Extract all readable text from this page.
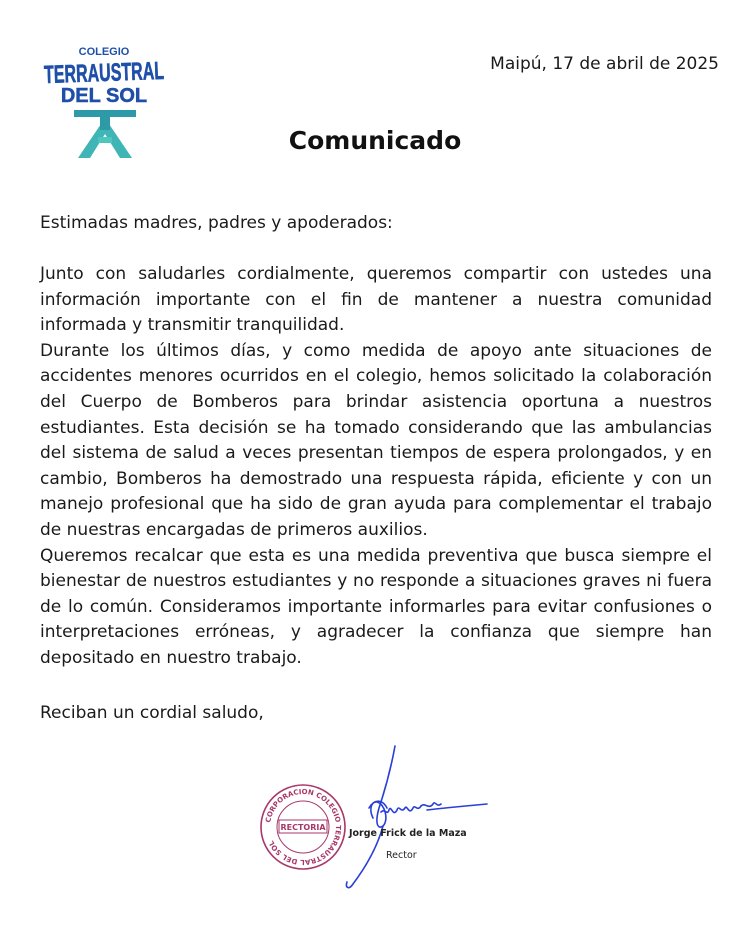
COLEGIO
TERRAUSTRAL
DEL SOL
Maipú, 17 de abril de 2025
Comunicado
Estimadas madres, padres y apoderados:

Junto con saludarles cordialmente, queremos compartir con ustedes una información importante con el fin de mantener a nuestra comunidad informada y transmitir tranquilidad.

Durante los últimos días, y como medida de apoyo ante situaciones de accidentes menores ocurridos en el colegio, hemos solicitado la colaboración del Cuerpo de Bomberos para brindar asistencia oportuna a nuestros estudiantes. Esta decisión se ha tomado considerando que las ambulancias del sistema de salud a veces presentan tiempos de espera prolongados, y en cambio, Bomberos ha demostrado una respuesta rápida, eficiente y con un manejo profesional que ha sido de gran ayuda para complementar el trabajo de nuestras encargadas de primeros auxilios.

Queremos recalcar que esta es una medida preventiva que busca siempre el bienestar de nuestros estudiantes y no responde a situaciones graves ni fuera de lo común. Consideramos importante informarles para evitar confusiones o interpretaciones erróneas, y agradecer la confianza que siempre han depositado en nuestro trabajo.

Reciban un cordial saludo,
CORPORACION COLEGIO TERRAUSTRAL DEL SOL
RECTORIA
Jorge Frick de la Maza
Rector
